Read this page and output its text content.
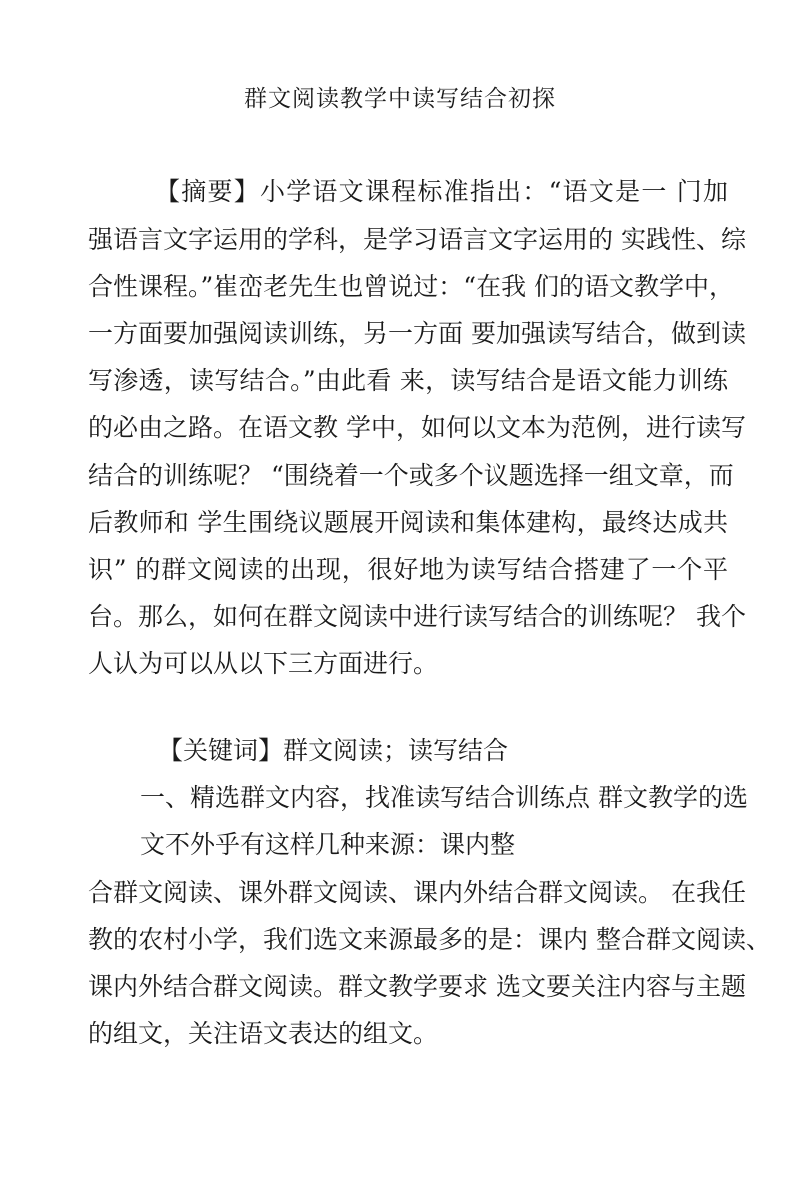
群文阅读教学中读写结合初探
【摘要】小学语文课程标准指出：“语文是一 门加
强语言文字运用的学科，是学习语言文字运用的 实践性、综
合性课程。”崔峦老先生也曾说过：“在我 们的语文教学中，
一方面要加强阅读训练，另一方面 要加强读写结合，做到读
写渗透，读写结合。”由此看 来，读写结合是语文能力训练
的必由之路。在语文教 学中，如何以文本为范例，进行读写
结合的训练呢？ “围绕着一个或多个议题选择一组文章，而
后教师和 学生围绕议题展开阅读和集体建构，最终达成共
识” 的群文阅读的出现，很好地为读写结合搭建了一个平
台。那么，如何在群文阅读中进行读写结合的训练呢？ 我个
人认为可以从以下三方面进行。
【关键词】群文阅读；读写结合
一、精选群文内容，找准读写结合训练点 群文教学的选
文不外乎有这样几种来源：课内整
合群文阅读、课外群文阅读、课内外结合群文阅读。 在我任
教的农村小学，我们选文来源最多的是：课内 整合群文阅读、
课内外结合群文阅读。群文教学要求 选文要关注内容与主题
的组文，关注语文表达的组文。
